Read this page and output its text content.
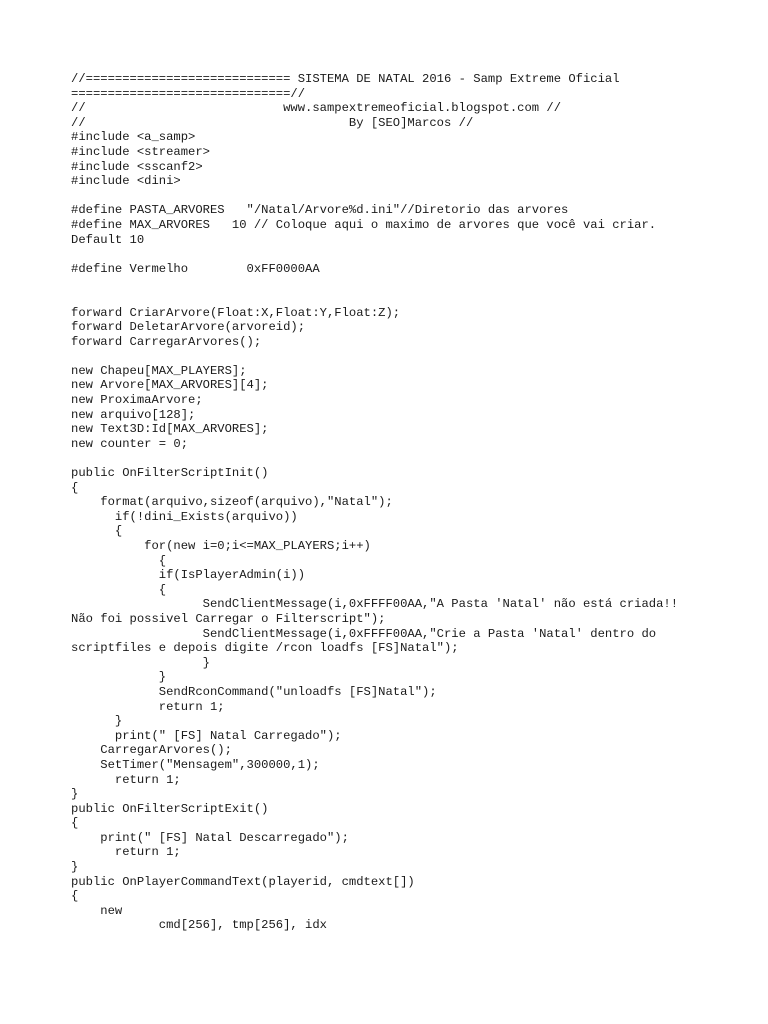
//============================ SISTEMA DE NATAL 2016 - Samp Extreme Oficial
==============================//
//                           www.sampextremeoficial.blogspot.com //
//                                    By [SEO]Marcos //
#include <a_samp>
#include <streamer>
#include <sscanf2>
#include <dini>
#define PASTA_ARVORES   "/Natal/Arvore%d.ini"//Diretorio das arvores
#define MAX_ARVORES   10 // Coloque aqui o maximo de arvores que você vai criar.
Default 10
#define Vermelho        0xFF0000AA
forward CriarArvore(Float:X,Float:Y,Float:Z);
forward DeletarArvore(arvoreid);
forward CarregarArvores();
new Chapeu[MAX_PLAYERS];
new Arvore[MAX_ARVORES][4];
new ProximaArvore;
new arquivo[128];
new Text3D:Id[MAX_ARVORES];
new counter = 0;
public OnFilterScriptInit()
{
format(arquivo,sizeof(arquivo),"Natal");
if(!dini_Exists(arquivo))
{
for(new i=0;i<=MAX_PLAYERS;i++)
{
if(IsPlayerAdmin(i))
{
SendClientMessage(i,0xFFFF00AA,"A Pasta 'Natal' não está criada!!
Não foi possivel Carregar o Filterscript");
SendClientMessage(i,0xFFFF00AA,"Crie a Pasta 'Natal' dentro do
scriptfiles e depois digite /rcon loadfs [FS]Natal");
}
}
SendRconCommand("unloadfs [FS]Natal");
return 1;
}
print(" [FS] Natal Carregado");
CarregarArvores();
SetTimer("Mensagem",300000,1);
return 1;
}
public OnFilterScriptExit()
{
print(" [FS] Natal Descarregado");
return 1;
}
public OnPlayerCommandText(playerid, cmdtext[])
{
new
cmd[256], tmp[256], idx
